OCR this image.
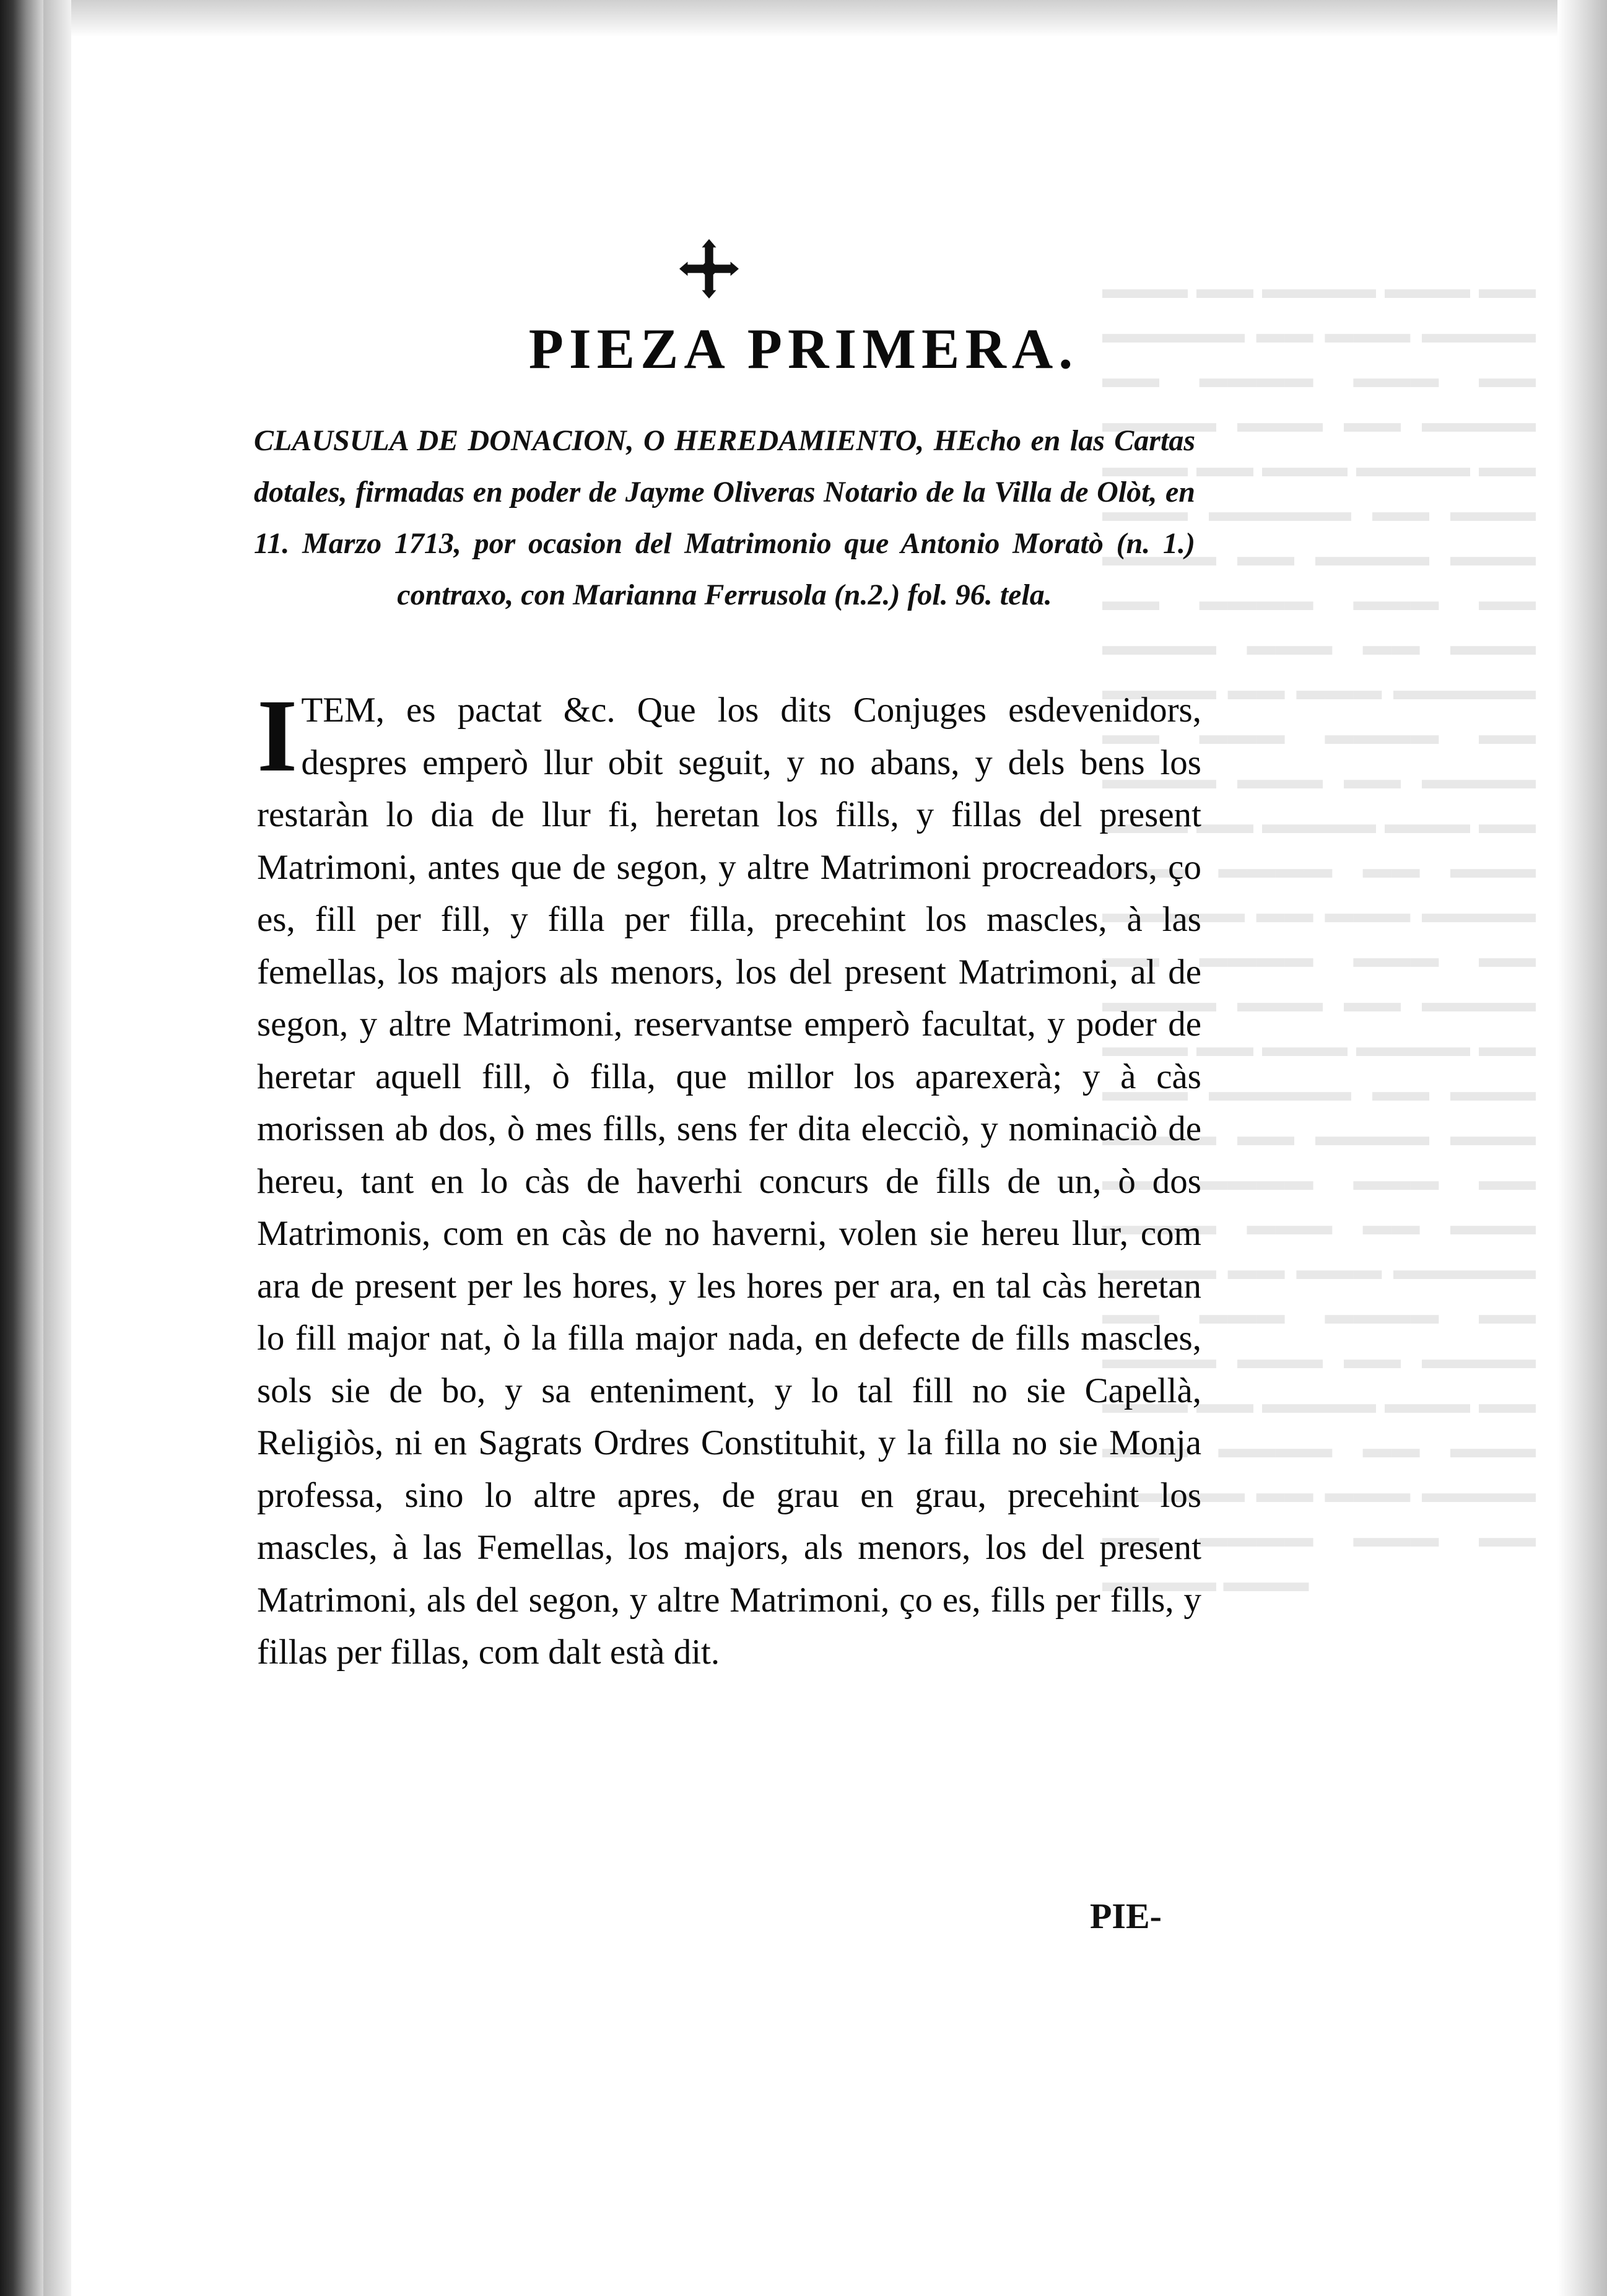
▬▬▬ ▬▬ ▬▬▬▬ ▬▬▬ ▬▬ ▬▬▬▬▬ ▬▬ ▬▬▬ ▬▬▬▬ ▬▬ ▬▬▬▬ ▬▬▬ ▬▬ ▬▬▬▬ ▬▬▬ ▬▬ ▬▬▬▬ ▬▬▬ ▬▬ ▬▬▬ ▬▬▬▬ ▬▬ ▬▬▬ ▬▬▬▬▬ ▬▬ ▬▬▬ ▬▬▬▬ ▬▬ ▬▬▬▬ ▬▬▬ ▬▬ ▬▬▬▬ ▬▬▬ ▬▬ ▬▬▬▬ ▬▬▬ ▬▬ ▬▬▬ ▬▬▬▬ ▬▬ ▬▬▬ ▬▬▬▬▬ ▬▬ ▬▬▬ ▬▬▬▬ ▬▬ ▬▬▬▬ ▬▬▬ ▬▬ ▬▬▬▬ ▬▬▬ ▬▬ ▬▬▬▬ ▬▬▬ ▬▬ ▬▬▬ ▬▬▬▬ ▬▬ ▬▬▬ ▬▬▬▬▬ ▬▬ ▬▬▬ ▬▬▬▬ ▬▬ ▬▬▬▬ ▬▬▬ ▬▬ ▬▬▬▬ ▬▬▬ ▬▬ ▬▬▬▬ ▬▬▬ ▬▬ ▬▬▬ ▬▬▬▬ ▬▬ ▬▬▬ ▬▬▬▬▬ ▬▬ ▬▬▬ ▬▬▬▬ ▬▬ ▬▬▬▬ ▬▬▬ ▬▬ ▬▬▬▬ ▬▬▬ ▬▬ ▬▬▬▬ ▬▬▬ ▬▬ ▬▬▬ ▬▬▬▬ ▬▬ ▬▬▬ ▬▬▬▬▬ ▬▬ ▬▬▬ ▬▬▬▬ ▬▬ ▬▬▬▬ ▬▬▬ ▬▬ ▬▬▬▬ ▬▬▬ ▬▬ ▬▬▬▬ ▬▬▬ ▬▬ ▬▬▬ ▬▬▬▬ ▬▬ ▬▬▬ ▬▬▬▬▬ ▬▬ ▬▬▬ ▬▬▬▬ ▬▬ ▬▬▬▬ ▬▬▬ ▬▬ ▬▬▬▬ ▬▬▬
PIEZA PRIMERA.
CLAUSULA DE DONACION, O HEREDAMIENTO, HEcho en las Cartas dotales, firmadas en poder de Jayme Oliveras Notario de la Villa de Olòt, en 11. Marzo 1713, por ocasion del Matrimonio que Antonio Moratò (n. 1.) contraxo, con Marianna Ferrusola (n.2.) fol. 96. tela.
I TEM, es pactat &c. Que los dits Conjuges esdevenidors, despres emperò llur obit seguit, y no abans, y dels bens los restaràn lo dia de llur fi, heretan los fills, y fillas del present Matrimoni, antes que de segon, y altre Matrimoni procreadors, ço es, fill per fill, y filla per filla, precehint los mascles, à las femellas, los majors als menors, los del present Matrimoni, al de segon, y altre Matrimoni, reservantse emperò facultat, y poder de heretar aquell fill, ò filla, que millor los aparexerà; y à càs morissen ab dos, ò mes fills, sens fer dita elecciò, y nominaciò de hereu, tant en lo càs de haverhi concurs de fills de un, ò dos Matrimonis, com en càs de no haverni, volen sie hereu llur, com ara de present per les hores, y les hores per ara, en tal càs heretan lo fill major nat, ò la filla major nada, en defecte de fills mascles, sols sie de bo, y sa enteniment, y lo tal fill no sie Capellà, Religiòs, ni en Sagrats Ordres Constituhit, y la filla no sie Monja professa, sino lo altre apres, de grau en grau, precehint los mascles, à las Femellas, los majors, als menors, los del present Matrimoni, als del segon, y altre Matrimoni, ço es, fills per fills, y fillas per fillas, com dalt està dit.
PIE-
